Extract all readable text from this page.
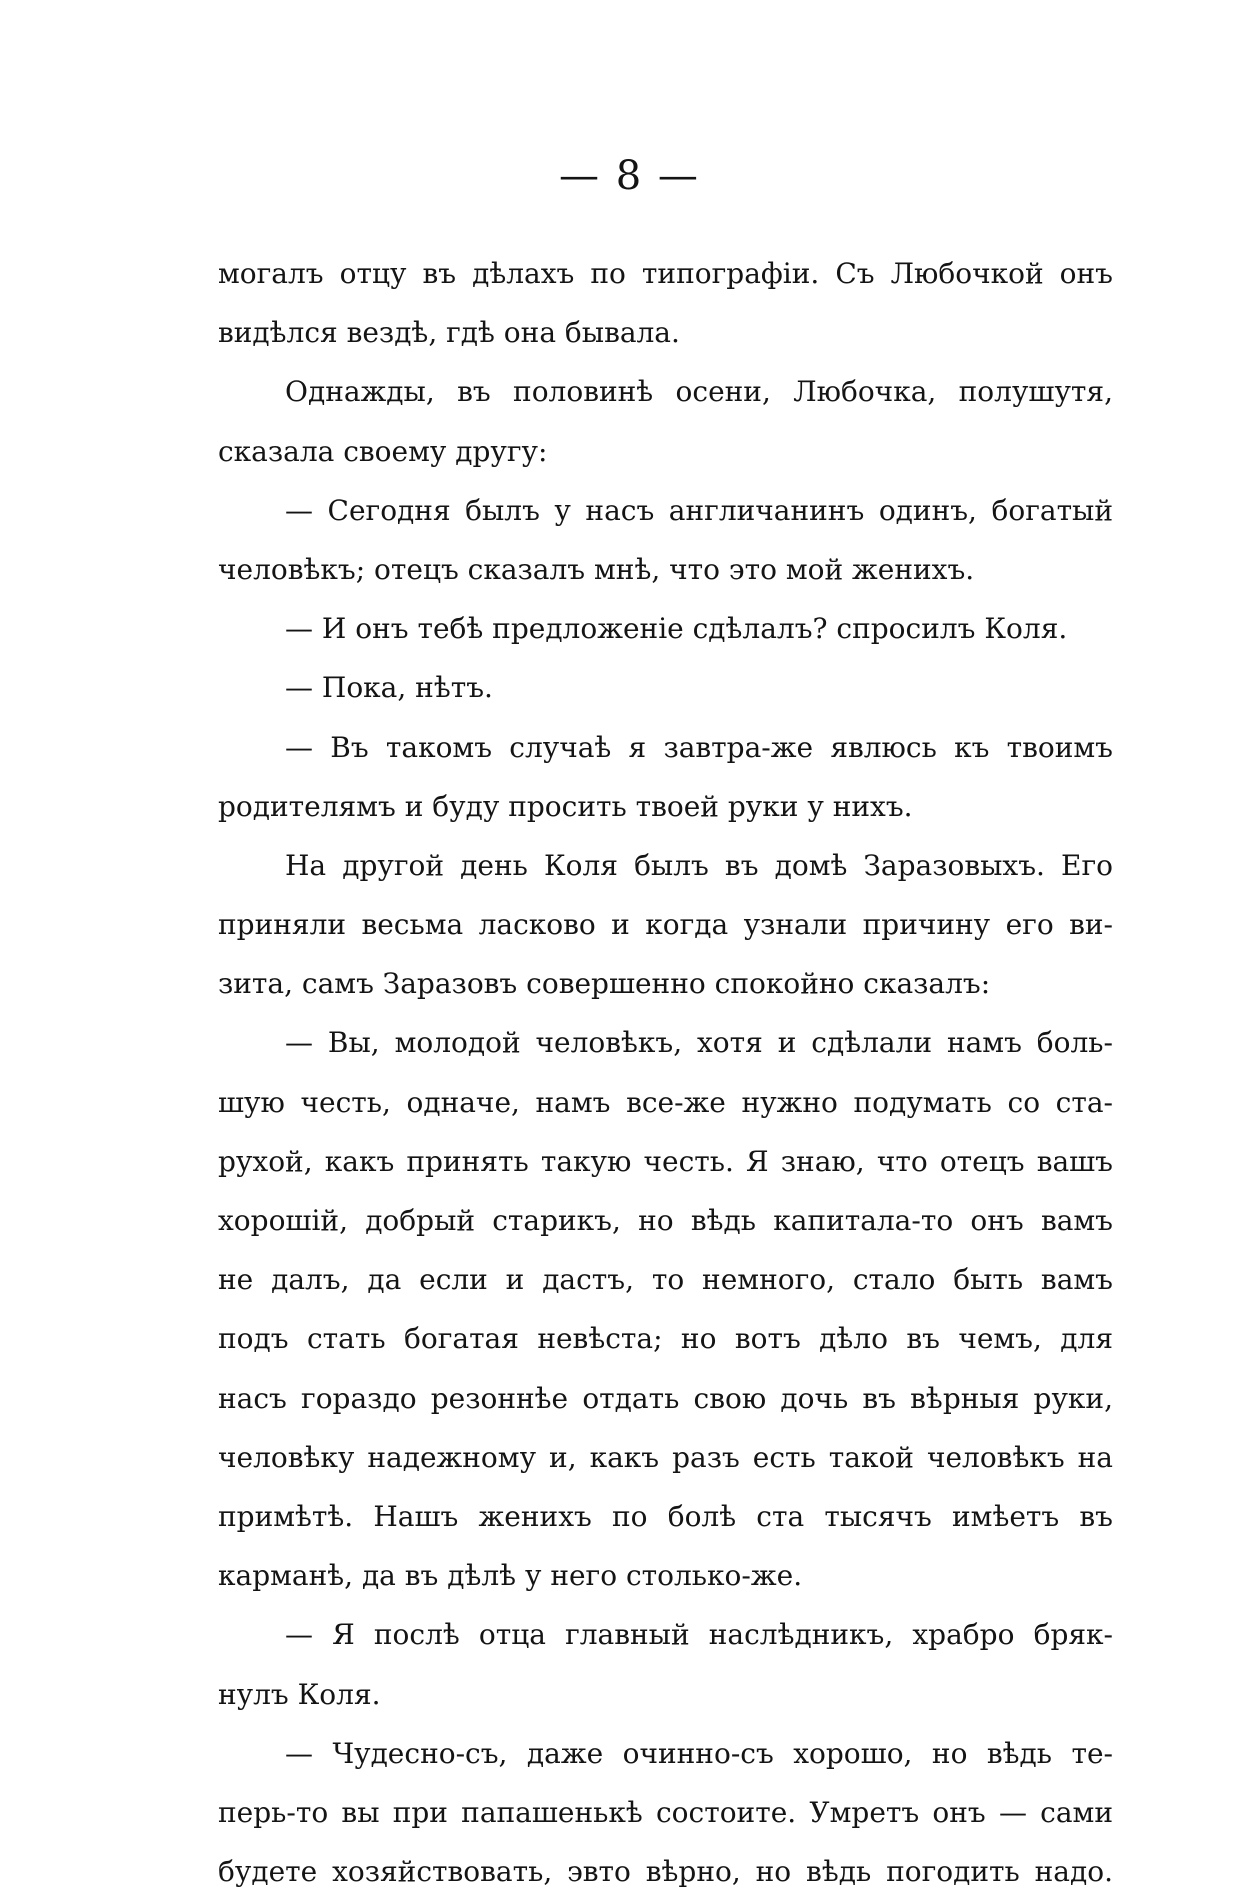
— 8 —
могалъ отцу въ дѣлахъ по типографіи. Съ Любочкой онъ
видѣлся вездѣ, гдѣ она бывала.
Однажды, въ половинѣ осени, Любочка, полушутя,
сказала своему другу:
— Сегодня былъ у насъ англичанинъ одинъ, богатый
человѣкъ; отецъ сказалъ мнѣ, что это мой женихъ.
— И онъ тебѣ предложеніе сдѣлалъ? спросилъ Коля.
— Пока, нѣтъ.
— Въ такомъ случаѣ я завтра-же явлюсь къ твоимъ
родителямъ и буду просить твоей руки у нихъ.
На другой день Коля былъ въ домѣ Заразовыхъ. Его
приняли весьма ласково и когда узнали причину его ви-
зита, самъ Заразовъ совершенно спокойно сказалъ:
— Вы, молодой человѣкъ, хотя и сдѣлали намъ боль-
шую честь, одначе, намъ все-же нужно подумать со ста-
рухой, какъ принять такую честь. Я знаю, что отецъ вашъ
хорошій, добрый старикъ, но вѣдь капитала-то онъ вамъ
не далъ, да если и дастъ, то немного, стало быть вамъ
подъ стать богатая невѣста; но вотъ дѣло въ чемъ, для
насъ гораздо резоннѣе отдать свою дочь въ вѣрныя руки,
человѣку надежному и, какъ разъ есть такой человѣкъ на
примѣтѣ. Нашъ женихъ по болѣ ста тысячъ имѣетъ въ
карманѣ, да въ дѣлѣ у него столько-же.
— Я послѣ отца главный наслѣдникъ, храбро бряк-
нулъ Коля.
— Чудесно-съ, даже очинно-съ хорошо, но вѣдь те-
перь-то вы при папашенькѣ состоите. Умретъ онъ — сами
будете хозяйствовать, эвто вѣрно, но вѣдь погодить надо.
